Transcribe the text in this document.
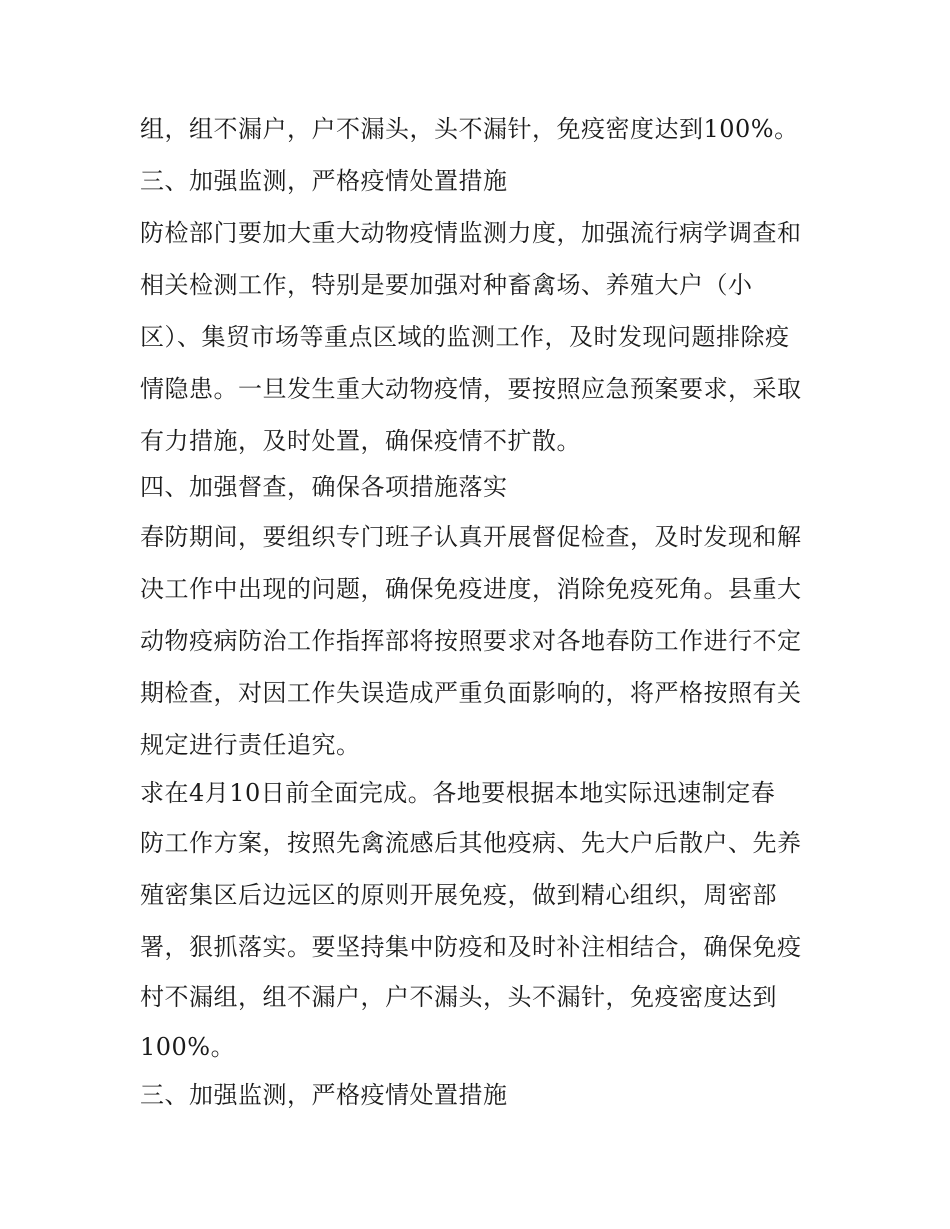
组，组不漏户，户不漏头，头不漏针，免疫密度达到100%。
三、加强监测，严格疫情处置措施
防检部门要加大重大动物疫情监测力度，加强流行病学调查和
相关检测工作，特别是要加强对种畜禽场、养殖大户（小
区）、集贸市场等重点区域的监测工作，及时发现问题排除疫
情隐患。一旦发生重大动物疫情，要按照应急预案要求，采取
有力措施，及时处置，确保疫情不扩散。
四、加强督查，确保各项措施落实
春防期间，要组织专门班子认真开展督促检查，及时发现和解
决工作中出现的问题，确保免疫进度，消除免疫死角。县重大
动物疫病防治工作指挥部将按照要求对各地春防工作进行不定
期检查，对因工作失误造成严重负面影响的，将严格按照有关
规定进行责任追究。
求在4月10日前全面完成。各地要根据本地实际迅速制定春
防工作方案，按照先禽流感后其他疫病、先大户后散户、先养
殖密集区后边远区的原则开展免疫，做到精心组织，周密部
署，狠抓落实。要坚持集中防疫和及时补注相结合，确保免疫
村不漏组，组不漏户，户不漏头，头不漏针，免疫密度达到
100%。
三、加强监测，严格疫情处置措施
